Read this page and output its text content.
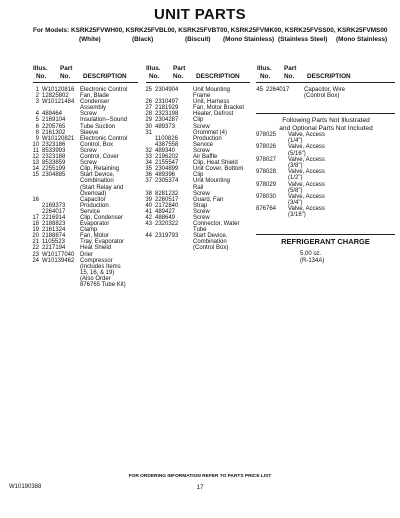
UNIT PARTS
For Models: KSRK25FVWH00, KSRK25FVBL00, KSRK25FVBT00, KSRK25FVMK00, KSRK25FVSS00, KSRK25FVMS00
(White)	(Black)	(Biscuit) (Mono Stainless) (Stainless Steel) (Mono Stainless)
Illus.
No.
Part
No. DESCRIPTION
Illus.
No.
Part
No. DESCRIPTION
Illus.
No.
Part
No. DESCRIPTION
1 W10120816 Electronic Control
2 12825802 Fan, Blade
3 W10121484 Condenser
Assembly
4 489464	Screw
5 2169104 Insulation--Sound
6 2205765 Tube Suction
8 2161302 Sleeve
9 W10120821 Electronic Control
10 2323186 Control, Box
11 8533993 Screw
12 2323188 Control, Cover
13 8533859 Screw
14 2255199 Clip, Retaining
15 2304885 Start Device,
Combination
(Start Relay and
Overload)
16	Capacitor
2169373 Production
2264017 Service
17 2216914 Clip, Condenser
18 2188823 Evaporator
19 2161324 Clamp
20 2188874 Fan, Motor
21 1105523	Tray, Evaporator
22 2217194 Heat Shield
23 W10177040 Drier
24 W10139462 Compressor
(Includes Items
15, 16, & 19)
(Also Order
876765 Tube Kit)
25 2304904 Unit Mounting
Frame
26 2310497 Unit, Harness
27 2181929 Fan, Motor Bracket
28 2323198 Heater, Defrost
29 2304287 Clip
30 489373	Screw
31	Grommet (4)
1100826	Production
4387558 Service
32 489340	Screw
33 2196202 Air Baffle
34 2155547 Clip, Heat Shield
35 2304899 Unit Cover, Bottom
36 489396	Clip
37 2305374 Unit Mounting
Rail
38 8281232 Screw
39 2260517 Guard, Fan
40 2172840 Strap
41 489427	Screw
42 488649	Screw
43 2320322 Connector, Water
Tube
44 2319793 Start Device,
Combination
(Control Box)
45 2264017 Capacitor, Wire
(Control Box)
Following Parts Not Illustrated
and Optional Parts Not Included
978025 Valve, Access
(1/4")
978026 Valve, Access
(5/16")
978027 Valve, Access
(3/8")
978028 Valve, Access
(1/2")
978029 Valve, Access
(5/8")
978030 Valve, Access
(3/4")
876764 Valve, Access
(3/16")
REFRIGERANT CHARGE
5.00 oz.
(R-134A)
FOR ORDERING INFORMATION REFER TO PARTS PRICE LIST
W10190388	17
